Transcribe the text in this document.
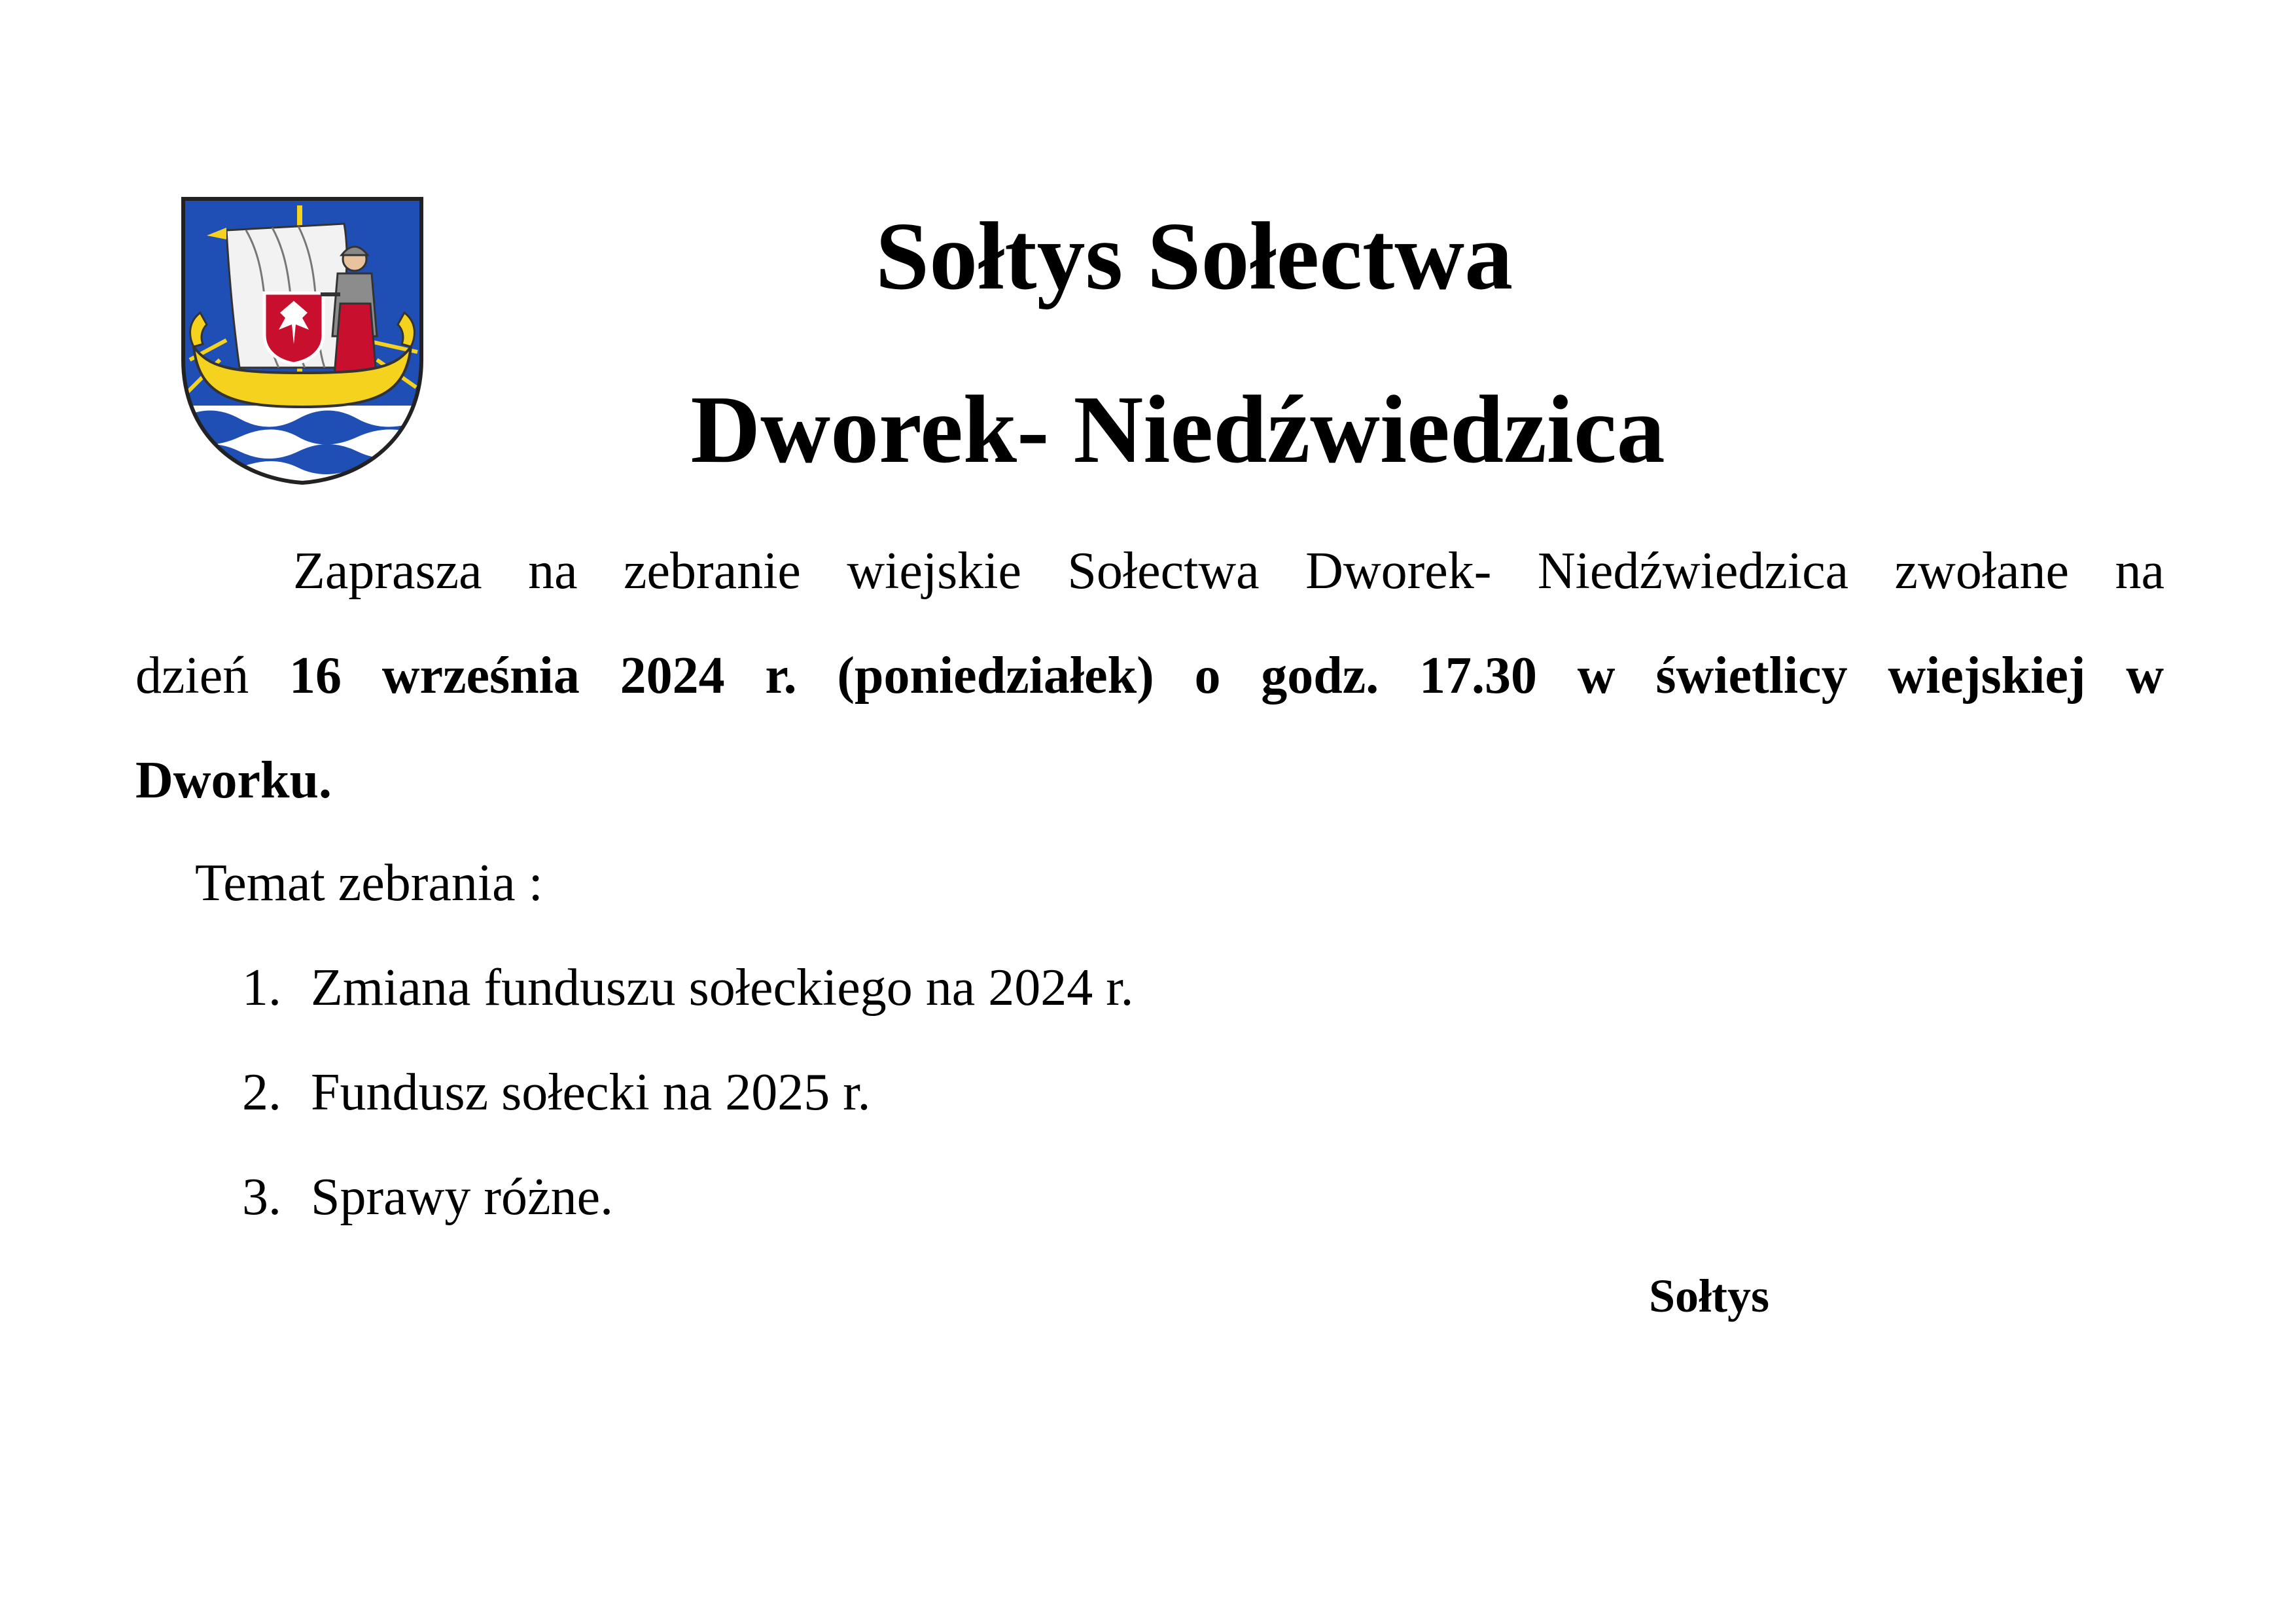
Sołtys Sołectwa
Dworek- Niedźwiedzica
Zaprasza na zebranie wiejskie Sołectwa Dworek- Niedźwiedzica zwołane na
dzień 16 września 2024 r. (poniedziałek) o godz. 17.30 w świetlicy wiejskiej w
Dworku.
Temat zebrania :
1. Zmiana funduszu sołeckiego na 2024 r.
2. Fundusz sołecki na 2025 r.
3. Sprawy różne.
Sołtys
